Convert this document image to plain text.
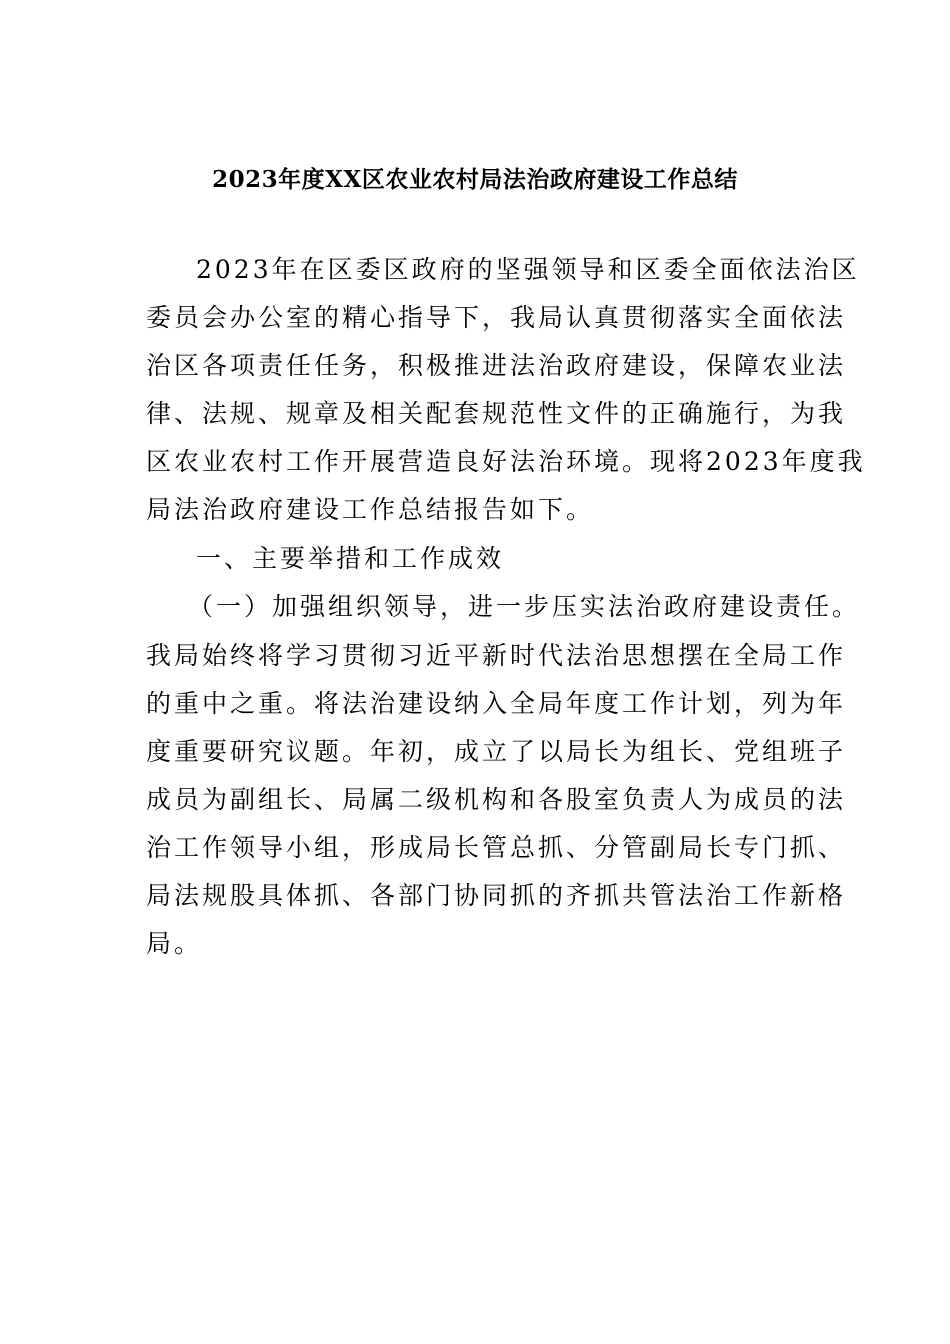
2023年度XX区农业农村局法治政府建设工作总结

2023年在区委区政府的坚强领导和区委全面依法治区

委员会办公室的精心指导下，我局认真贯彻落实全面依法

治区各项责任任务，积极推进法治政府建设，保障农业法

律、法规、规章及相关配套规范性文件的正确施行，为我

区农业农村工作开展营造良好法治环境。现将2023年度我

局法治政府建设工作总结报告如下。

一、主要举措和工作成效

（一）加强组织领导，进一步压实法治政府建设责任。

我局始终将学习贯彻习近平新时代法治思想摆在全局工作

的重中之重。将法治建设纳入全局年度工作计划，列为年

度重要研究议题。年初，成立了以局长为组长、党组班子

成员为副组长、局属二级机构和各股室负责人为成员的法

治工作领导小组，形成局长管总抓、分管副局长专门抓、

局法规股具体抓、各部门协同抓的齐抓共管法治工作新格

局。
